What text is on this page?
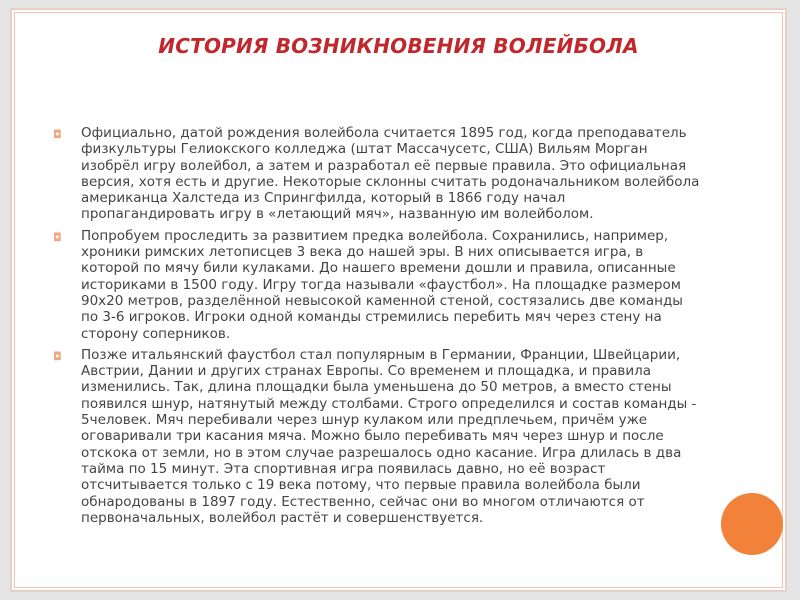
ИСТОРИЯ ВОЗНИКНОВЕНИЯ ВОЛЕЙБОЛА
◘ Официально, датой рождения волейбола считается 1895 год, когда преподаватель физкультуры Гелиокского колледжа (штат Массачусетс, США) Вильям Морган изобрёл игру волейбол, а затем и разработал её первые правила. Это официальная версия, хотя есть и другие. Некоторые склонны считать родоначальником волейбола американца Халстеда из Спрингфилда, который в 1866 году начал пропагандировать игру в «летающий мяч», названную им волейболом.
◘ Попробуем проследить за развитием предка волейбола. Сохранились, например, хроники римских летописцев 3 века до нашей эры. В них описывается игра, в которой по мячу били кулаками. До нашего времени дошли и правила, описанные историками в 1500 году. Игру тогда называли «фаустбол». На площадке размером 90х20 метров, разделённой невысокой каменной стеной, состязались две команды по 3-6 игроков. Игроки одной команды стремились перебить мяч через стену на сторону соперников.
◘ Позже итальянский фаустбол стал популярным в Германии, Франции, Швейцарии, Австрии, Дании и других странах Европы. Со временем и площадка, и правила изменились. Так, длина площадки была уменьшена до 50 метров, а вместо стены появился шнур, натянутый между столбами. Строго определился и состав команды - 5человек. Мяч перебивали через шнур кулаком или предплечьем, причём уже оговаривали три касания мяча. Можно было перебивать мяч через шнур и после отскока от земли, но в этом случае разрешалось одно касание. Игра длилась в два тайма по 15 минут. Эта спортивная игра появилась давно, но её возраст отсчитывается только с 19 века потому, что первые правила волейбола были обнародованы в 1897 году. Естественно, сейчас они во многом отличаются от первоначальных, волейбол растёт и совершенствуется.
